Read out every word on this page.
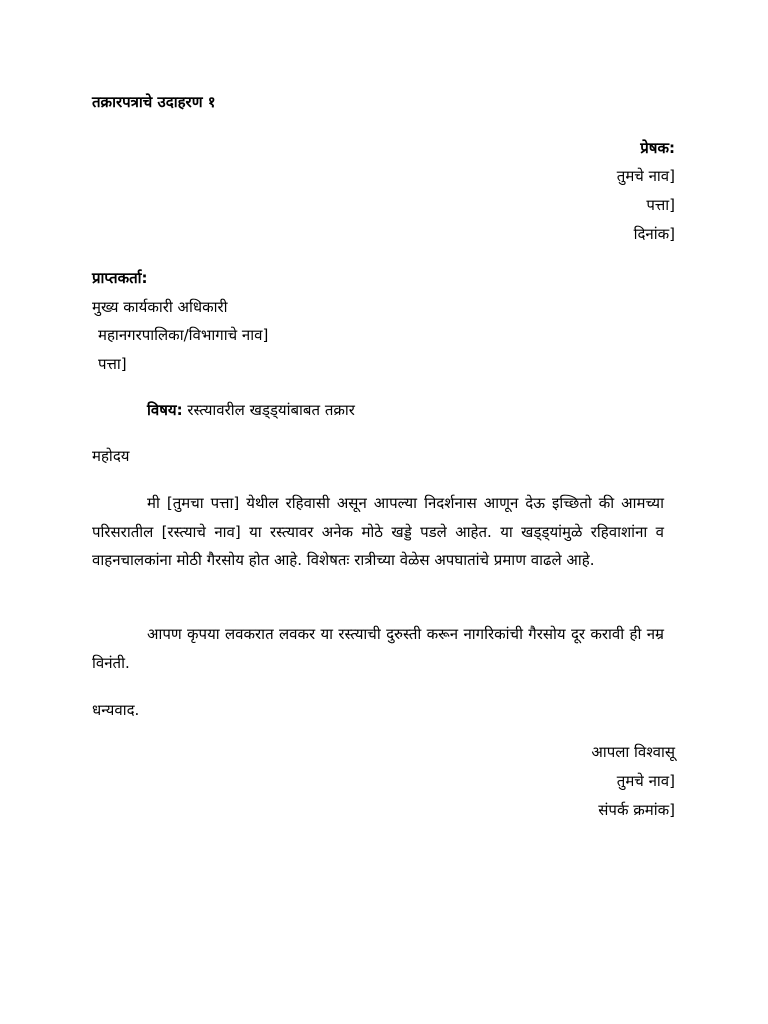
तक्रारपत्राचे उदाहरण १
प्रेषक:
तुमचे नाव]
पत्ता]
दिनांक]
प्राप्तकर्ता:
मुख्य कार्यकारी अधिकारी
महानगरपालिका/विभागाचे नाव]
पत्ता]
विषय: रस्त्यावरील खड्ड्यांबाबत तक्रार
महोदय
मी [तुमचा पत्ता] येथील रहिवासी असून आपल्या निदर्शनास आणून देऊ इच्छितो की आमच्या परिसरातील [रस्त्याचे नाव] या रस्त्यावर अनेक मोठे खड्डे पडले आहेत. या खड्ड्यांमुळे रहिवाशांना व वाहनचालकांना मोठी गैरसोय होत आहे. विशेषतः रात्रीच्या वेळेस अपघातांचे प्रमाण वाढले आहे.
आपण कृपया लवकरात लवकर या रस्त्याची दुरुस्ती करून नागरिकांची गैरसोय दूर करावी ही नम्र विनंती.
धन्यवाद.
आपला विश्वासू
तुमचे नाव]
संपर्क क्रमांक]
